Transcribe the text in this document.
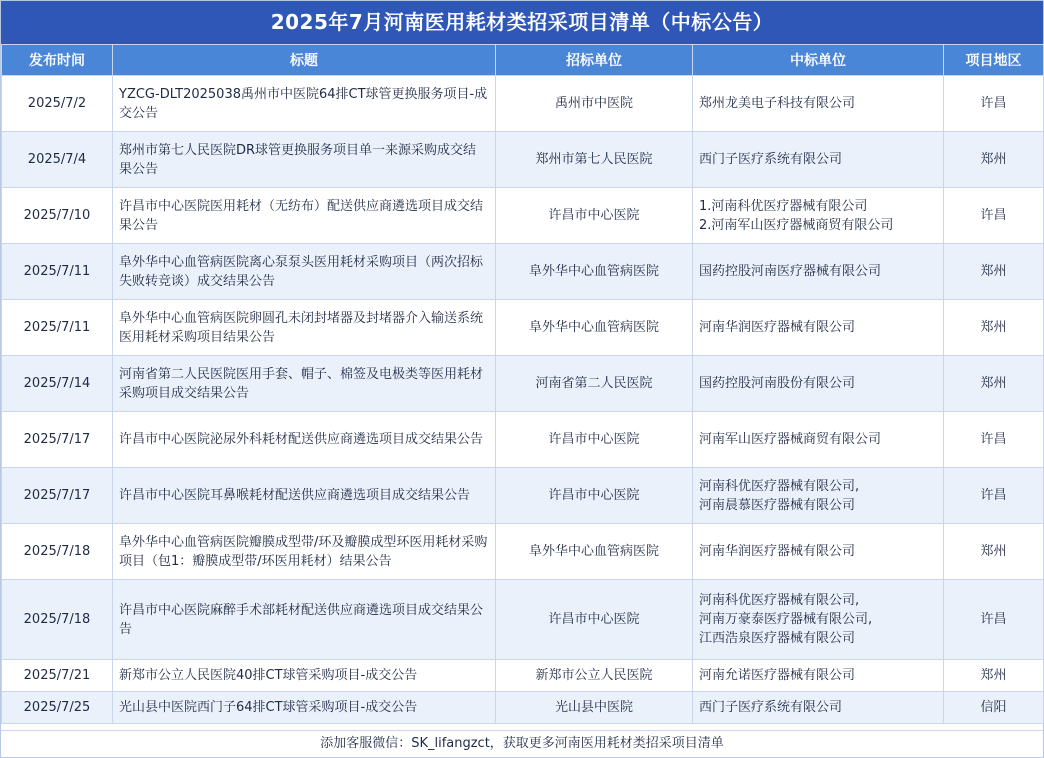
2025年7月河南医用耗材类招采项目清单（中标公告）
发布时间	标题	招标单位	中标单位	项目地区
2025/7/2	YZCG-DLT2025038禹州市中医院64排CT球管更换服务项目-成交公告	禹州市中医院	郑州龙美电子科技有限公司	许昌
2025/7/4	郑州市第七人民医院DR球管更换服务项目单一来源采购成交结果公告	郑州市第七人民医院	西门子医疗系统有限公司	郑州
2025/7/10	许昌市中心医院医用耗材（无纺布）配送供应商遴选项目成交结果公告	许昌市中心医院	1.河南科优医疗器械有限公司
2.河南军山医疗器械商贸有限公司	许昌
2025/7/11	阜外华中心血管病医院离心泵泵头医用耗材采购项目（两次招标失败转竞谈）成交结果公告	阜外华中心血管病医院	国药控股河南医疗器械有限公司	郑州
2025/7/11	阜外华中心血管病医院卵圆孔未闭封堵器及封堵器介入输送系统医用耗材采购项目结果公告	阜外华中心血管病医院	河南华润医疗器械有限公司	郑州
2025/7/14	河南省第二人民医院医用手套、帽子、棉签及电极类等医用耗材采购项目成交结果公告	河南省第二人民医院	国药控股河南股份有限公司	郑州
2025/7/17	许昌市中心医院泌尿外科耗材配送供应商遴选项目成交结果公告	许昌市中心医院	河南军山医疗器械商贸有限公司	许昌
2025/7/17	许昌市中心医院耳鼻喉耗材配送供应商遴选项目成交结果公告	许昌市中心医院	河南科优医疗器械有限公司,
河南晨慕医疗器械有限公司	许昌
2025/7/18	阜外华中心血管病医院瓣膜成型带/环及瓣膜成型环医用耗材采购项目（包1：瓣膜成型带/环医用耗材）结果公告	阜外华中心血管病医院	河南华润医疗器械有限公司	郑州
2025/7/18	许昌市中心医院麻醉手术部耗材配送供应商遴选项目成交结果公告	许昌市中心医院	河南科优医疗器械有限公司,
河南万豪泰医疗器械有限公司,
江西浩泉医疗器械有限公司	许昌
2025/7/21	新郑市公立人民医院40排CT球管采购项目-成交公告	新郑市公立人民医院	河南允诺医疗器械有限公司	郑州
2025/7/25	光山县中医院西门子64排CT球管采购项目-成交公告	光山县中医院	西门子医疗系统有限公司	信阳
添加客服微信：SK_lifangzct，获取更多河南医用耗材类招采项目清单
